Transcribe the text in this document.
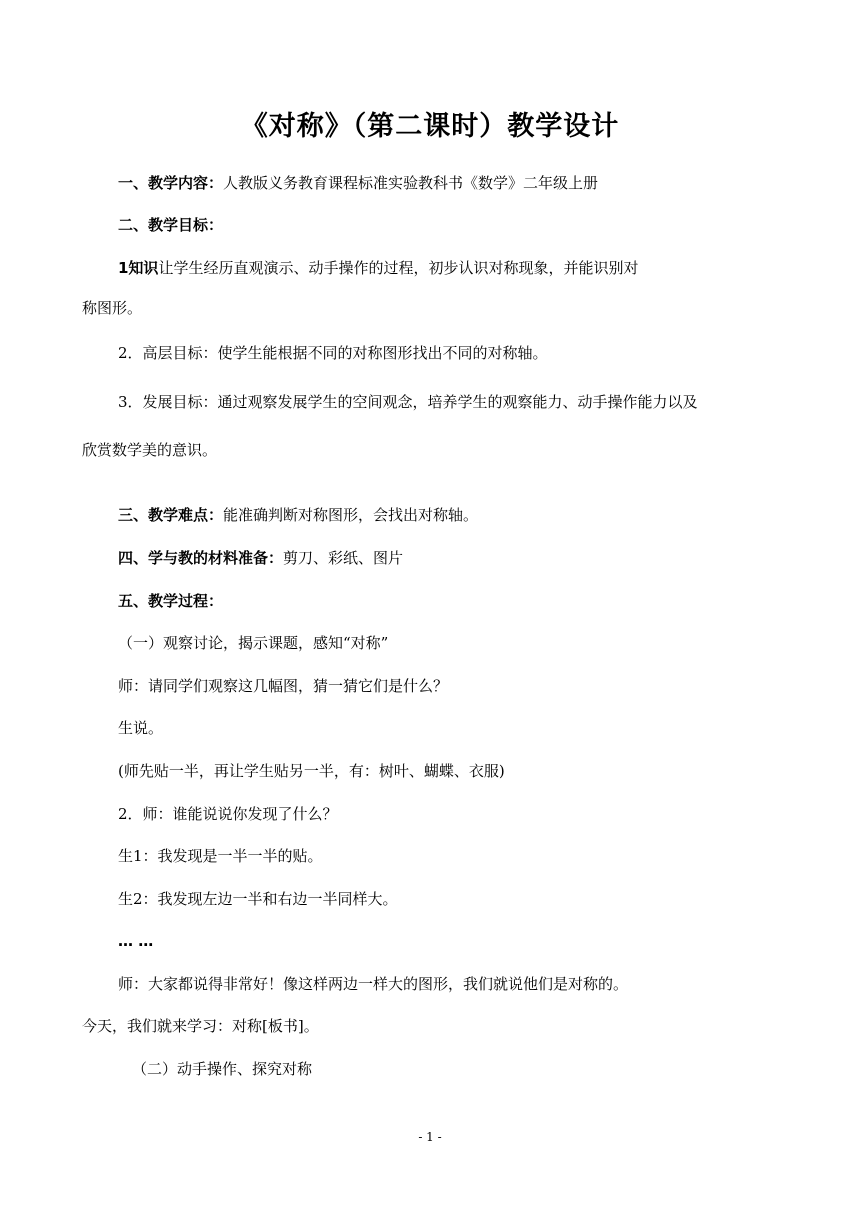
《对称》（第二课时）教学设计
一、教学内容：人教版义务教育课程标准实验教科书《数学》二年级上册
二、教学目标：
1知识让学生经历直观演示、动手操作的过程，初步认识对称现象，并能识别对
称图形。
2．高层目标：使学生能根据不同的对称图形找出不同的对称轴。
3．发展目标：通过观察发展学生的空间观念，培养学生的观察能力、动手操作能力以及
欣赏数学美的意识。
三、教学难点：能准确判断对称图形，会找出对称轴。
四、学与教的材料准备：剪刀、彩纸、图片
五、教学过程：
（一）观察讨论，揭示课题，感知“对称”
师：请同学们观察这几幅图，猜一猜它们是什么？
生说。
(师先贴一半，再让学生贴另一半，有：树叶、蝴蝶、衣服)
2．师：谁能说说你发现了什么？
生1：我发现是一半一半的贴。
生2：我发现左边一半和右边一半同样大。
… …
师：大家都说得非常好！像这样两边一样大的图形，我们就说他们是对称的。
今天，我们就来学习：对称[板书]。
（二）动手操作、探究对称
- 1 -
